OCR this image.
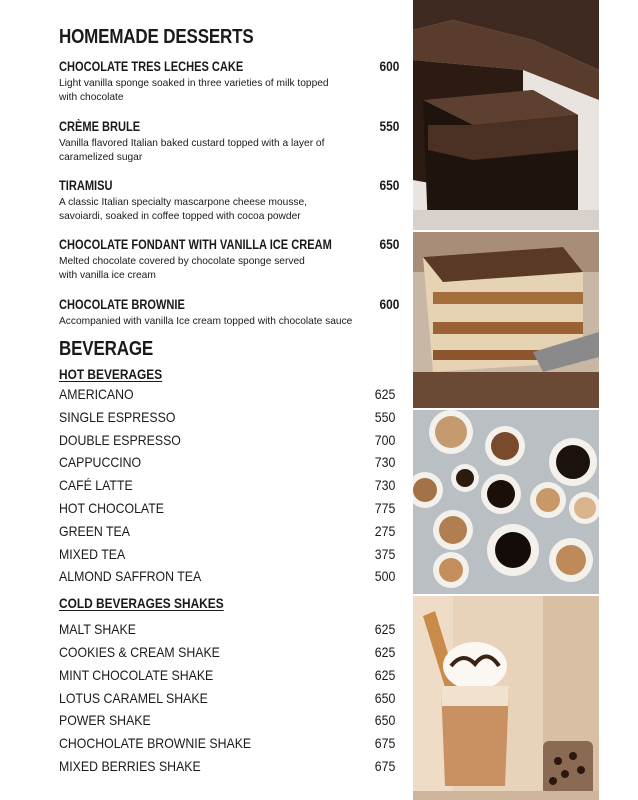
HOMEMADE DESSERTS
CHOCOLATE TRES LECHES CAKE	600
Light vanilla sponge soaked in three varieties of milk topped
with chocolate
CRÈME BRULE	550
Vanilla flavored Italian baked custard topped with a layer of
caramelized sugar
TIRAMISU	650
A classic Italian specialty mascarpone cheese mousse,
savoiardi, soaked in coffee topped with cocoa powder
CHOCOLATE FONDANT WITH VANILLA ICE CREAM	650
Melted chocolate covered by chocolate sponge served
with vanilla ice cream
CHOCOLATE BROWNIE	600
Accompanied with vanilla Ice cream topped with chocolate sauce
BEVERAGE
HOT BEVERAGES
AMERICANO	625
SINGLE ESPRESSO	550
DOUBLE ESPRESSO	700
CAPPUCCINO	730
CAFÉ LATTE	730
HOT CHOCOLATE	775
GREEN TEA	275
MIXED TEA	375
ALMOND SAFFRON TEA	500
COLD BEVERAGES SHAKES
MALT SHAKE	625
COOKIES & CREAM SHAKE	625
MINT CHOCOLATE SHAKE	625
LOTUS CARAMEL SHAKE	650
POWER SHAKE	650
CHOCHOLATE BROWNIE SHAKE	675
MIXED BERRIES SHAKE	675
